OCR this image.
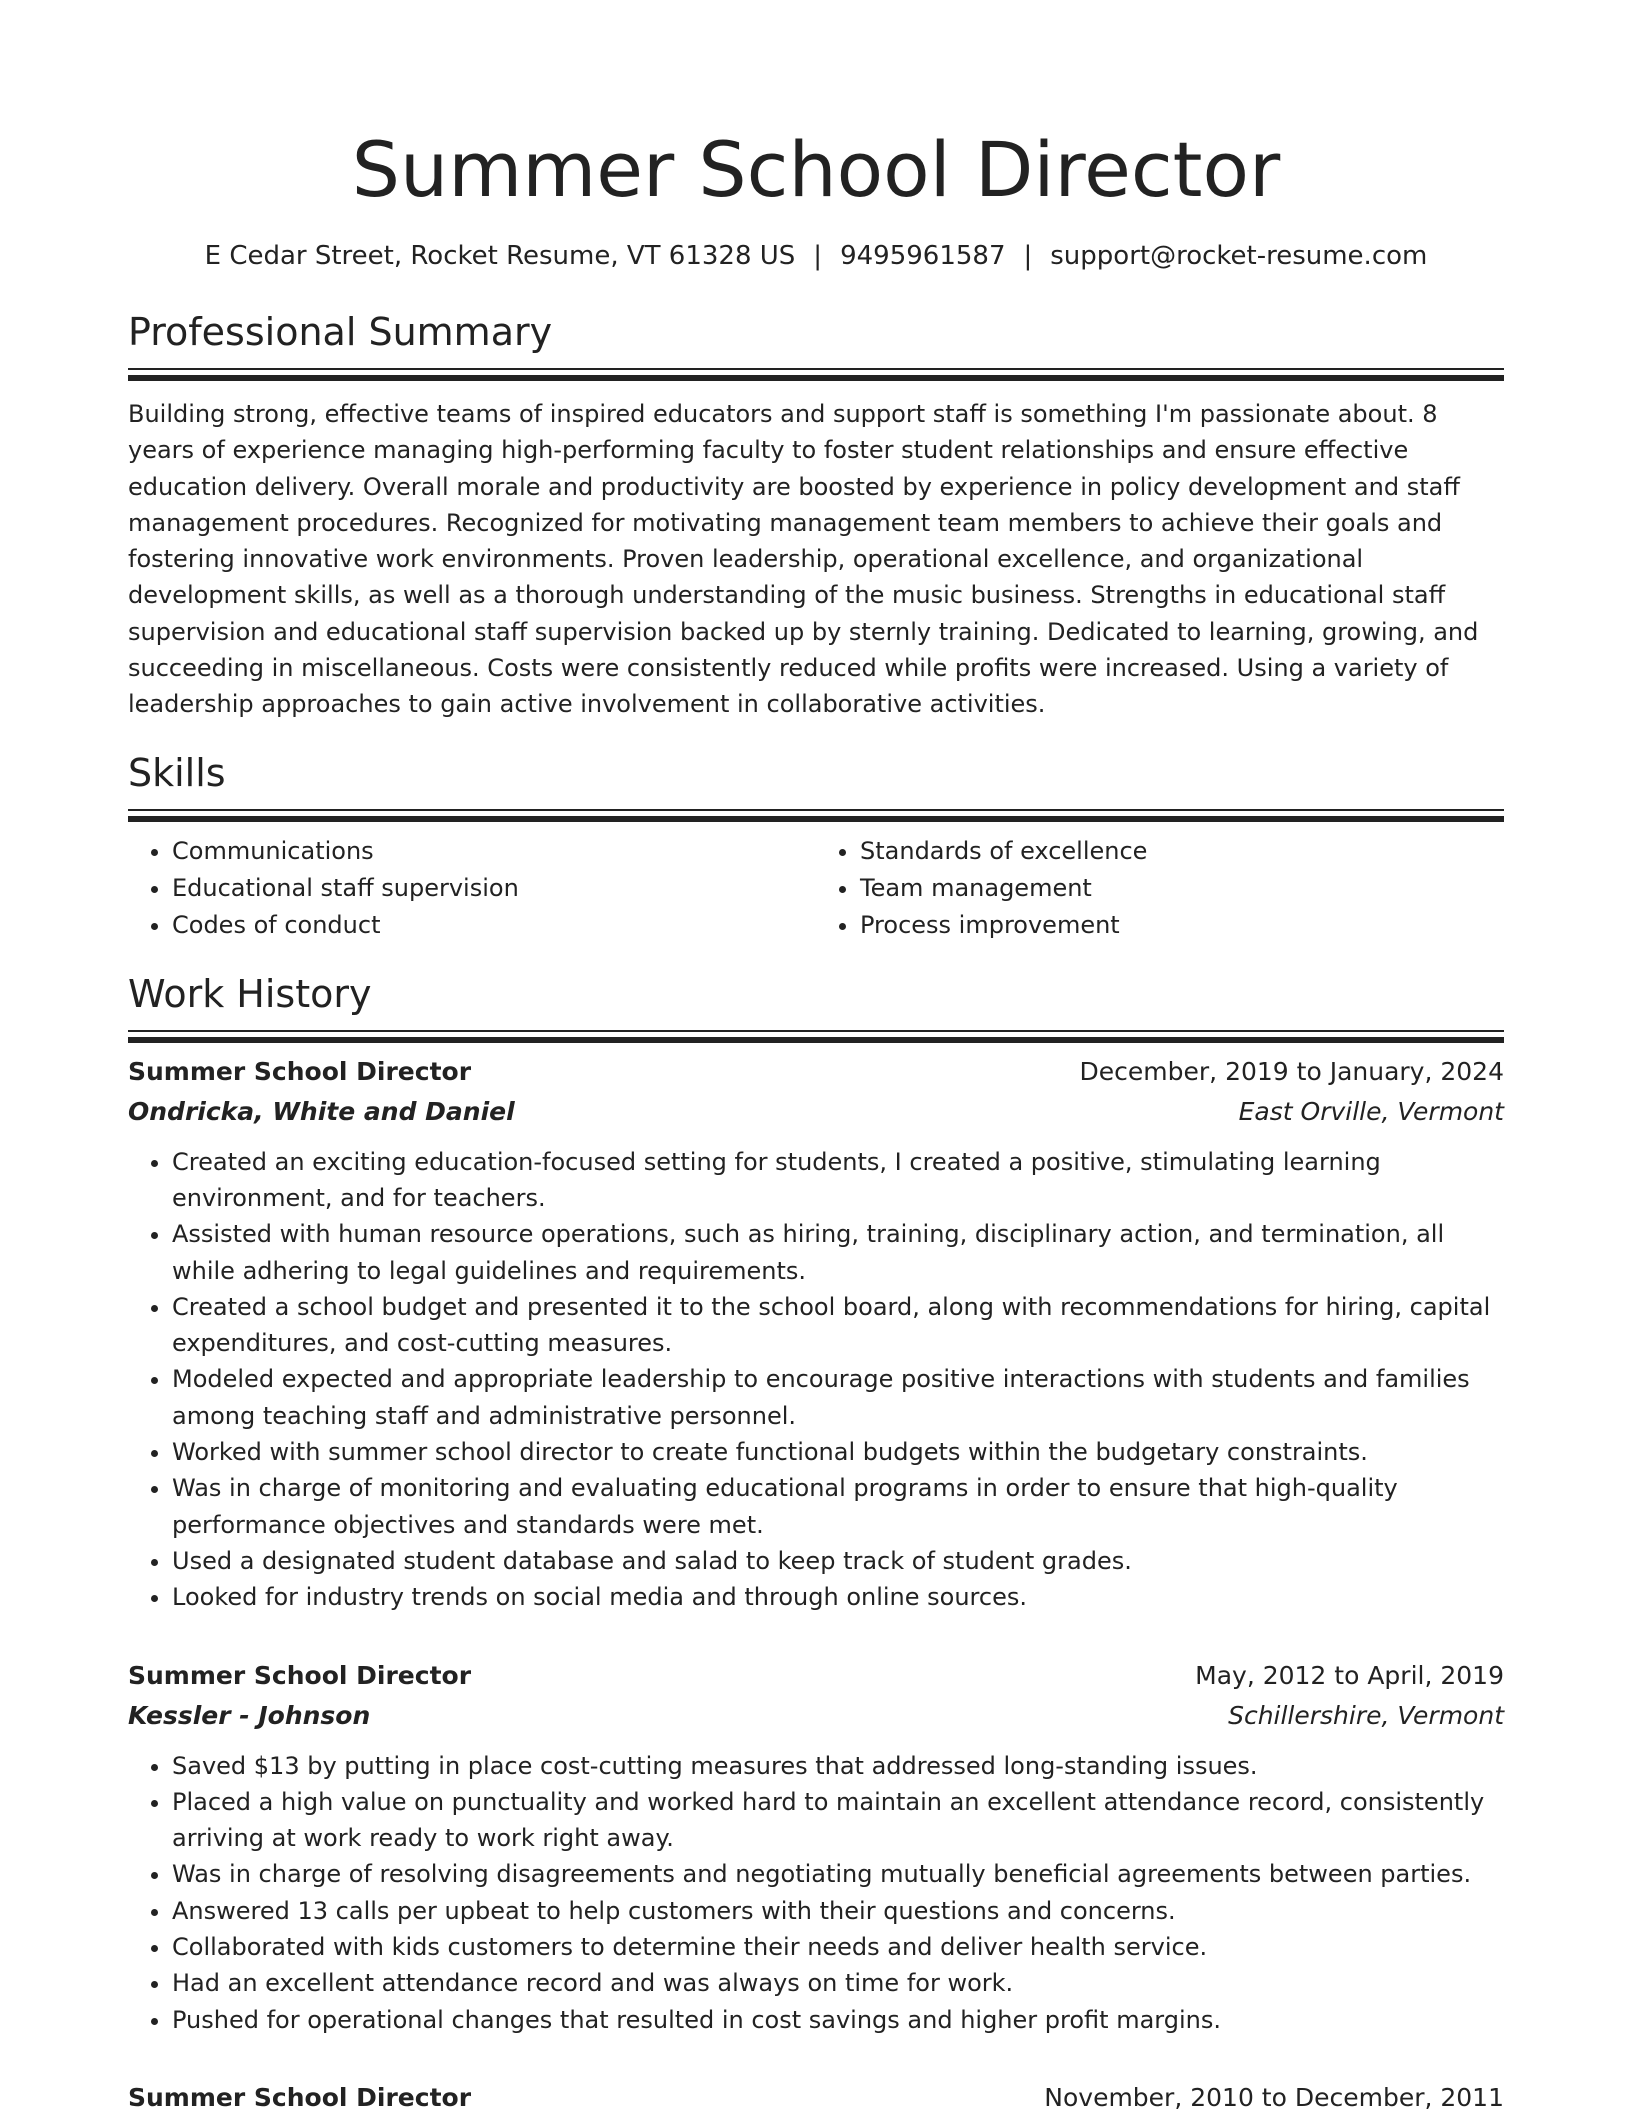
Summer School Director
E Cedar Street, Rocket Resume, VT 61328 US | 9495961587 | support@rocket-resume.com
Professional Summary

Building strong, effective teams of inspired educators and support staff is something I'm passionate about. 8 years of experience managing high-performing faculty to foster student relationships and ensure effective education delivery. Overall morale and productivity are boosted by experience in policy development and staff management procedures. Recognized for motivating management team members to achieve their goals and fostering innovative work environments. Proven leadership, operational excellence, and organizational development skills, as well as a thorough understanding of the music business. Strengths in educational staff supervision and educational staff supervision backed up by sternly training. Dedicated to learning, growing, and succeeding in miscellaneous. Costs were consistently reduced while profits were increased. Using a variety of leadership approaches to gain active involvement in collaborative activities.

Skills
• Communications
• Educational staff supervision
• Codes of conduct
• Standards of excellence
• Team management
• Process improvement
Work History
Summer School Director	December, 2019 to January, 2024
Ondricka, White and Daniel	East Orville, Vermont
• Created an exciting education-focused setting for students, I created a positive, stimulating learning environment, and for teachers.
• Assisted with human resource operations, such as hiring, training, disciplinary action, and termination, all while adhering to legal guidelines and requirements.
• Created a school budget and presented it to the school board, along with recommendations for hiring, capital expenditures, and cost-cutting measures.
• Modeled expected and appropriate leadership to encourage positive interactions with students and families among teaching staff and administrative personnel.
• Worked with summer school director to create functional budgets within the budgetary constraints.
• Was in charge of monitoring and evaluating educational programs in order to ensure that high-quality performance objectives and standards were met.
• Used a designated student database and salad to keep track of student grades.
• Looked for industry trends on social media and through online sources.
Summer School Director	May, 2012 to April, 2019
Kessler - Johnson	Schillershire, Vermont
• Saved $13 by putting in place cost-cutting measures that addressed long-standing issues.
• Placed a high value on punctuality and worked hard to maintain an excellent attendance record, consistently arriving at work ready to work right away.
• Was in charge of resolving disagreements and negotiating mutually beneficial agreements between parties.
• Answered 13 calls per upbeat to help customers with their questions and concerns.
• Collaborated with kids customers to determine their needs and deliver health service.
• Had an excellent attendance record and was always on time for work.
• Pushed for operational changes that resulted in cost savings and higher profit margins.
Summer School Director	November, 2010 to December, 2011
